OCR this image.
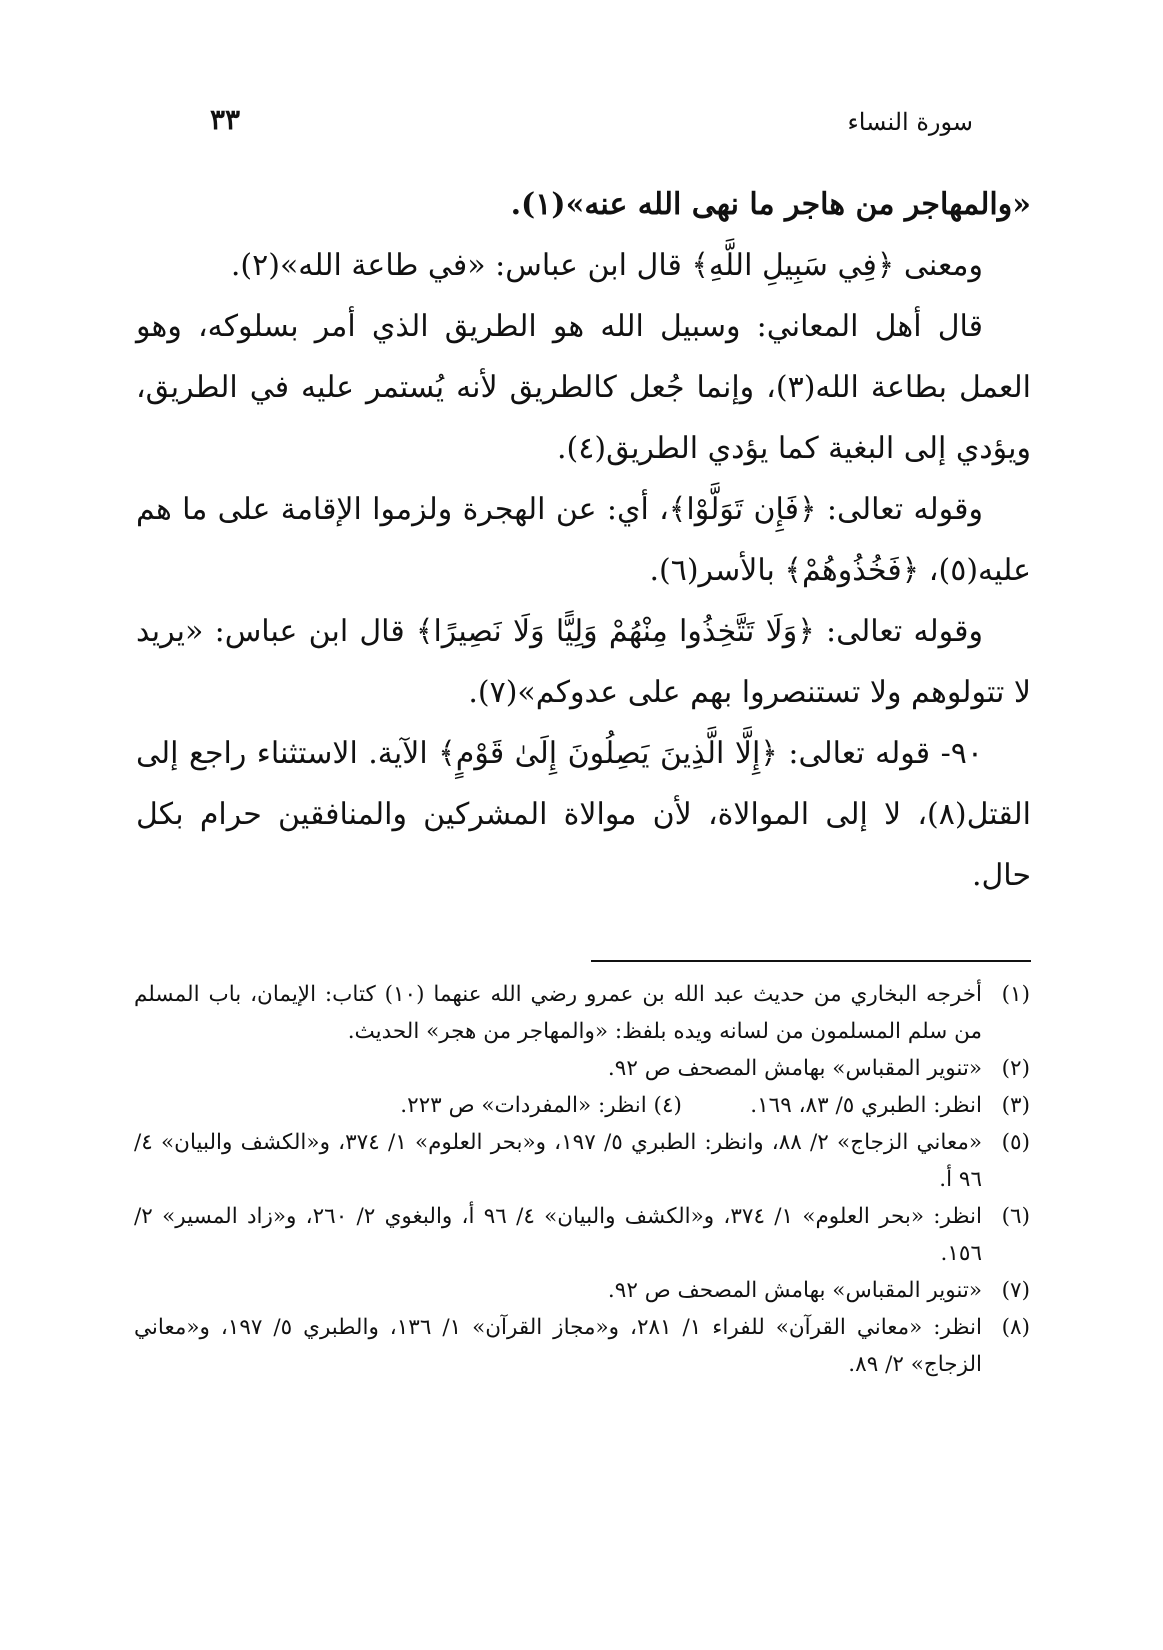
سورة النساء
٣٣

«والمهاجر من هاجر ما نهى الله عنه»(١).

ومعنى ﴿فِي سَبِيلِ اللَّهِ﴾ قال ابن عباس: «في طاعة الله»(٢).

قال أهل المعاني: وسبيل الله هو الطريق الذي أمر بسلوكه، وهو العمل بطاعة الله(٣)، وإنما جُعل كالطريق لأنه يُستمر عليه في الطريق، ويؤدي إلى البغية كما يؤدي الطريق(٤).

وقوله تعالى: ﴿فَإِن تَوَلَّوْا﴾، أي: عن الهجرة ولزموا الإقامة على ما هم عليه(٥)، ﴿فَخُذُوهُمْ﴾ بالأسر(٦).

وقوله تعالى: ﴿وَلَا تَتَّخِذُوا مِنْهُمْ وَلِيًّا وَلَا نَصِيرًا﴾ قال ابن عباس: «يريد لا تتولوهم ولا تستنصروا بهم على عدوكم»(٧).

٩٠- قوله تعالى: ﴿إِلَّا الَّذِينَ يَصِلُونَ إِلَىٰ قَوْمٍ﴾ الآية. الاستثناء راجع إلى القتل(٨)، لا إلى الموالاة، لأن موالاة المشركين والمنافقين حرام بكل حال.

(١)
أخرجه البخاري من حديث عبد الله بن عمرو رضي الله عنهما (١٠) كتاب: الإيمان، باب المسلم من سلم المسلمون من لسانه ويده بلفظ: «والمهاجر من هجر» الحديث.
(٢)
«تنوير المقباس» بهامش المصحف ص ٩٢.
(٣)
انظر: الطبري ٥/ ٨٣، ١٦٩.          (٤) انظر: «المفردات» ص ٢٢٣.
(٥)
«معاني الزجاج» ٢/ ٨٨، وانظر: الطبري ٥/ ١٩٧، و«بحر العلوم» ١/ ٣٧٤، و«الكشف والبيان» ٤/ ٩٦ أ.
(٦)
انظر: «بحر العلوم» ١/ ٣٧٤، و«الكشف والبيان» ٤/ ٩٦ أ، والبغوي ٢/ ٢٦٠، و«زاد المسير» ٢/ ١٥٦.
(٧)
«تنوير المقباس» بهامش المصحف ص ٩٢.
(٨)
انظر: «معاني القرآن» للفراء ١/ ٢٨١، و«مجاز القرآن» ١/ ١٣٦، والطبري ٥/ ١٩٧، و«معاني الزجاج» ٢/ ٨٩.
